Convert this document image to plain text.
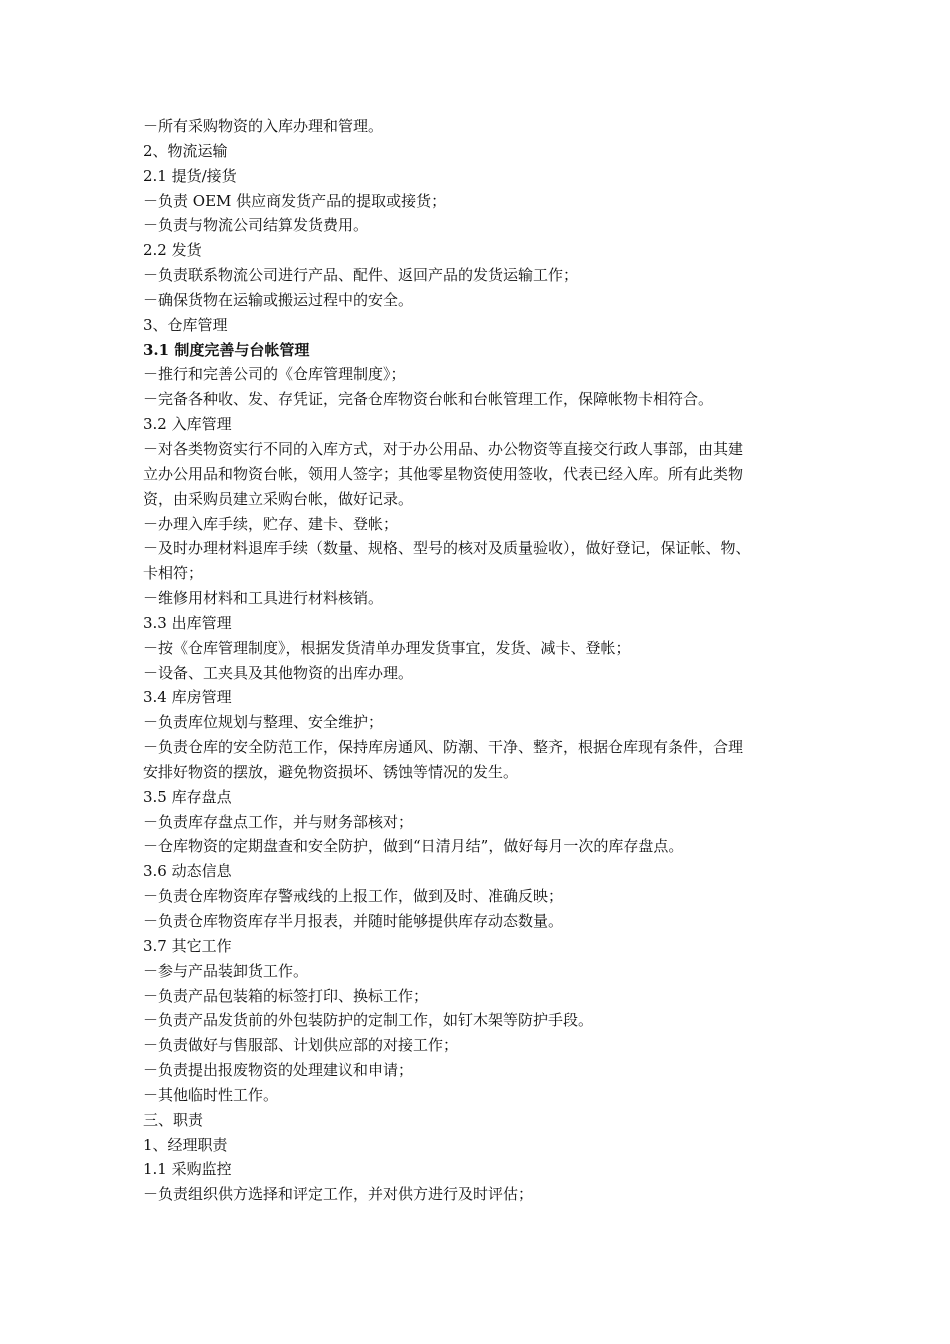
－所有采购物资的入库办理和管理。
2、物流运输
2.1 提货/接货
－负责 OEM 供应商发货产品的提取或接货；
－负责与物流公司结算发货费用。
2.2 发货
－负责联系物流公司进行产品、配件、返回产品的发货运输工作；
－确保货物在运输或搬运过程中的安全。
3、仓库管理
3.1 制度完善与台帐管理
－推行和完善公司的《仓库管理制度》；
－完备各种收、发、存凭证，完备仓库物资台帐和台帐管理工作，保障帐物卡相符合。
3.2 入库管理
－对各类物资实行不同的入库方式，对于办公用品、办公物资等直接交行政人事部，由其建
立办公用品和物资台帐，领用人签字；其他零星物资使用签收，代表已经入库。所有此类物
资，由采购员建立采购台帐，做好记录。
－办理入库手续，贮存、建卡、登帐；
－及时办理材料退库手续（数量、规格、型号的核对及质量验收），做好登记，保证帐、物、
卡相符；
－维修用材料和工具进行材料核销。
3.3 出库管理
－按《仓库管理制度》，根据发货清单办理发货事宜，发货、减卡、登帐；
－设备、工夹具及其他物资的出库办理。
3.4 库房管理
－负责库位规划与整理、安全维护；
－负责仓库的安全防范工作，保持库房通风、防潮、干净、整齐，根据仓库现有条件，合理
安排好物资的摆放，避免物资损坏、锈蚀等情况的发生。
3.5 库存盘点
－负责库存盘点工作，并与财务部核对；
－仓库物资的定期盘查和安全防护，做到“日清月结”，做好每月一次的库存盘点。
3.6 动态信息
－负责仓库物资库存警戒线的上报工作，做到及时、准确反映；
－负责仓库物资库存半月报表，并随时能够提供库存动态数量。
3.7 其它工作
－参与产品装卸货工作。
－负责产品包装箱的标签打印、换标工作；
－负责产品发货前的外包装防护的定制工作，如钉木架等防护手段。
－负责做好与售服部、计划供应部的对接工作；
－负责提出报废物资的处理建议和申请；
－其他临时性工作。
三、职责
1、经理职责
1.1 采购监控
－负责组织供方选择和评定工作，并对供方进行及时评估；
